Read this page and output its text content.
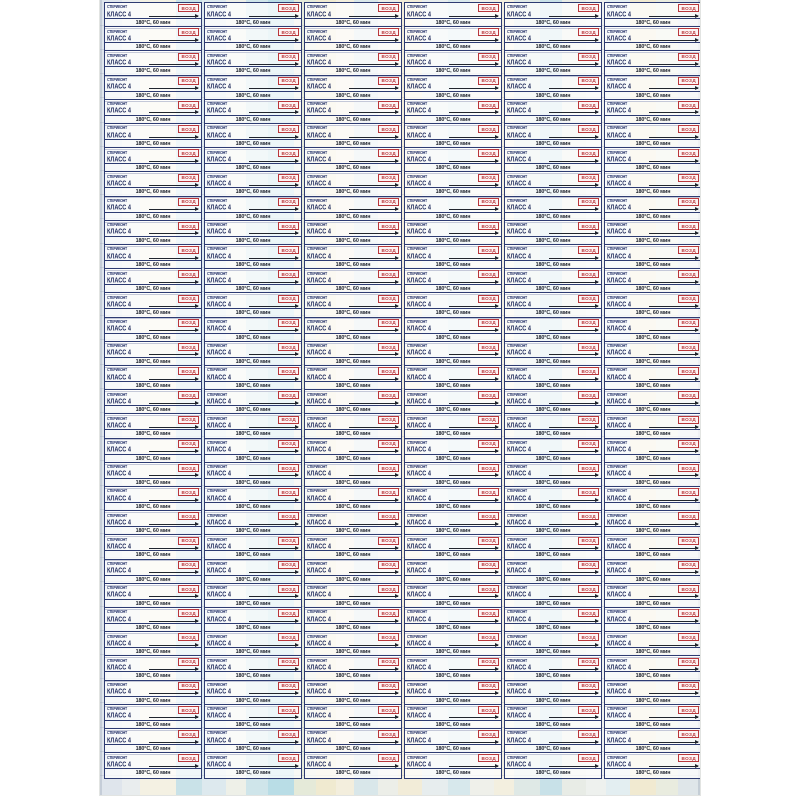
СТЕРИКОНТ	ВОЗД
КЛАСС 4
180°C, 60 мин
СТЕРИКОНТ	ВОЗД
КЛАСС 4
180°C, 60 мин
СТЕРИКОНТ	ВОЗД
КЛАСС 4
180°C, 60 мин
СТЕРИКОНТ	ВОЗД
КЛАСС 4
180°C, 60 мин
СТЕРИКОНТ	ВОЗД
КЛАСС 4
180°C, 60 мин
СТЕРИКОНТ	ВОЗД
КЛАСС 4
180°C, 60 мин
СТЕРИКОНТ	ВОЗД
КЛАСС 4
180°C, 60 мин
СТЕРИКОНТ	ВОЗД
КЛАСС 4
180°C, 60 мин
СТЕРИКОНТ	ВОЗД
КЛАСС 4
180°C, 60 мин
СТЕРИКОНТ	ВОЗД
КЛАСС 4
180°C, 60 мин
СТЕРИКОНТ	ВОЗД
КЛАСС 4
180°C, 60 мин
СТЕРИКОНТ	ВОЗД
КЛАСС 4
180°C, 60 мин
СТЕРИКОНТ	ВОЗД
КЛАСС 4
180°C, 60 мин
СТЕРИКОНТ	ВОЗД
КЛАСС 4
180°C, 60 мин
СТЕРИКОНТ	ВОЗД
КЛАСС 4
180°C, 60 мин
СТЕРИКОНТ	ВОЗД
КЛАСС 4
180°C, 60 мин
СТЕРИКОНТ	ВОЗД
КЛАСС 4
180°C, 60 мин
СТЕРИКОНТ	ВОЗД
КЛАСС 4
180°C, 60 мин
СТЕРИКОНТ	ВОЗД
КЛАСС 4
180°C, 60 мин
СТЕРИКОНТ	ВОЗД
КЛАСС 4
180°C, 60 мин
СТЕРИКОНТ	ВОЗД
КЛАСС 4
180°C, 60 мин
СТЕРИКОНТ	ВОЗД
КЛАСС 4
180°C, 60 мин
СТЕРИКОНТ	ВОЗД
КЛАСС 4
180°C, 60 мин
СТЕРИКОНТ	ВОЗД
КЛАСС 4
180°C, 60 мин
СТЕРИКОНТ	ВОЗД
КЛАСС 4
180°C, 60 мин
СТЕРИКОНТ	ВОЗД
КЛАСС 4
180°C, 60 мин
СТЕРИКОНТ	ВОЗД
КЛАСС 4
180°C, 60 мин
СТЕРИКОНТ	ВОЗД
КЛАСС 4
180°C, 60 мин
СТЕРИКОНТ	ВОЗД
КЛАСС 4
180°C, 60 мин
СТЕРИКОНТ	ВОЗД
КЛАСС 4
180°C, 60 мин
СТЕРИКОНТ	ВОЗД
КЛАСС 4
180°C, 60 мин
СТЕРИКОНТ	ВОЗД
КЛАСС 4
180°C, 60 мин
СТЕРИКОНТ	ВОЗД
КЛАСС 4
180°C, 60 мин
СТЕРИКОНТ	ВОЗД
КЛАСС 4
180°C, 60 мин
СТЕРИКОНТ	ВОЗД
КЛАСС 4
180°C, 60 мин
СТЕРИКОНТ	ВОЗД
КЛАСС 4
180°C, 60 мин
СТЕРИКОНТ	ВОЗД
КЛАСС 4
180°C, 60 мин
СТЕРИКОНТ	ВОЗД
КЛАСС 4
180°C, 60 мин
СТЕРИКОНТ	ВОЗД
КЛАСС 4
180°C, 60 мин
СТЕРИКОНТ	ВОЗД
КЛАСС 4
180°C, 60 мин
СТЕРИКОНТ	ВОЗД
КЛАСС 4
180°C, 60 мин
СТЕРИКОНТ	ВОЗД
КЛАСС 4
180°C, 60 мин
СТЕРИКОНТ	ВОЗД
КЛАСС 4
180°C, 60 мин
СТЕРИКОНТ	ВОЗД
КЛАСС 4
180°C, 60 мин
СТЕРИКОНТ	ВОЗД
КЛАСС 4
180°C, 60 мин
СТЕРИКОНТ	ВОЗД
КЛАСС 4
180°C, 60 мин
СТЕРИКОНТ	ВОЗД
КЛАСС 4
180°C, 60 мин
СТЕРИКОНТ	ВОЗД
КЛАСС 4
180°C, 60 мин
СТЕРИКОНТ	ВОЗД
КЛАСС 4
180°C, 60 мин
СТЕРИКОНТ	ВОЗД
КЛАСС 4
180°C, 60 мин
СТЕРИКОНТ	ВОЗД
КЛАСС 4
180°C, 60 мин
СТЕРИКОНТ	ВОЗД
КЛАСС 4
180°C, 60 мин
СТЕРИКОНТ	ВОЗД
КЛАСС 4
180°C, 60 мин
СТЕРИКОНТ	ВОЗД
КЛАСС 4
180°C, 60 мин
СТЕРИКОНТ	ВОЗД
КЛАСС 4
180°C, 60 мин
СТЕРИКОНТ	ВОЗД
КЛАСС 4
180°C, 60 мин
СТЕРИКОНТ	ВОЗД
КЛАСС 4
180°C, 60 мин
СТЕРИКОНТ	ВОЗД
КЛАСС 4
180°C, 60 мин
СТЕРИКОНТ	ВОЗД
КЛАСС 4
180°C, 60 мин
СТЕРИКОНТ	ВОЗД
КЛАСС 4
180°C, 60 мин
СТЕРИКОНТ	ВОЗД
КЛАСС 4
180°C, 60 мин
СТЕРИКОНТ	ВОЗД
КЛАСС 4
180°C, 60 мин
СТЕРИКОНТ	ВОЗД
КЛАСС 4
180°C, 60 мин
СТЕРИКОНТ	ВОЗД
КЛАСС 4
180°C, 60 мин
СТЕРИКОНТ	ВОЗД
КЛАСС 4
180°C, 60 мин
СТЕРИКОНТ	ВОЗД
КЛАСС 4
180°C, 60 мин
СТЕРИКОНТ	ВОЗД
КЛАСС 4
180°C, 60 мин
СТЕРИКОНТ	ВОЗД
КЛАСС 4
180°C, 60 мин
СТЕРИКОНТ	ВОЗД
КЛАСС 4
180°C, 60 мин
СТЕРИКОНТ	ВОЗД
КЛАСС 4
180°C, 60 мин
СТЕРИКОНТ	ВОЗД
КЛАСС 4
180°C, 60 мин
СТЕРИКОНТ	ВОЗД
КЛАСС 4
180°C, 60 мин
СТЕРИКОНТ	ВОЗД
КЛАСС 4
180°C, 60 мин
СТЕРИКОНТ	ВОЗД
КЛАСС 4
180°C, 60 мин
СТЕРИКОНТ	ВОЗД
КЛАСС 4
180°C, 60 мин
СТЕРИКОНТ	ВОЗД
КЛАСС 4
180°C, 60 мин
СТЕРИКОНТ	ВОЗД
КЛАСС 4
180°C, 60 мин
СТЕРИКОНТ	ВОЗД
КЛАСС 4
180°C, 60 мин
СТЕРИКОНТ	ВОЗД
КЛАСС 4
180°C, 60 мин
СТЕРИКОНТ	ВОЗД
КЛАСС 4
180°C, 60 мин
СТЕРИКОНТ	ВОЗД
КЛАСС 4
180°C, 60 мин
СТЕРИКОНТ	ВОЗД
КЛАСС 4
180°C, 60 мин
СТЕРИКОНТ	ВОЗД
КЛАСС 4
180°C, 60 мин
СТЕРИКОНТ	ВОЗД
КЛАСС 4
180°C, 60 мин
СТЕРИКОНТ	ВОЗД
КЛАСС 4
180°C, 60 мин
СТЕРИКОНТ	ВОЗД
КЛАСС 4
180°C, 60 мин
СТЕРИКОНТ	ВОЗД
КЛАСС 4
180°C, 60 мин
СТЕРИКОНТ	ВОЗД
КЛАСС 4
180°C, 60 мин
СТЕРИКОНТ	ВОЗД
КЛАСС 4
180°C, 60 мин
СТЕРИКОНТ	ВОЗД
КЛАСС 4
180°C, 60 мин
СТЕРИКОНТ	ВОЗД
КЛАСС 4
180°C, 60 мин
СТЕРИКОНТ	ВОЗД
КЛАСС 4
180°C, 60 мин
СТЕРИКОНТ	ВОЗД
КЛАСС 4
180°C, 60 мин
СТЕРИКОНТ	ВОЗД
КЛАСС 4
180°C, 60 мин
СТЕРИКОНТ	ВОЗД
КЛАСС 4
180°C, 60 мин
СТЕРИКОНТ	ВОЗД
КЛАСС 4
180°C, 60 мин
СТЕРИКОНТ	ВОЗД
КЛАСС 4
180°C, 60 мин
СТЕРИКОНТ	ВОЗД
КЛАСС 4
180°C, 60 мин
СТЕРИКОНТ	ВОЗД
КЛАСС 4
180°C, 60 мин
СТЕРИКОНТ	ВОЗД
КЛАСС 4
180°C, 60 мин
СТЕРИКОНТ	ВОЗД
КЛАСС 4
180°C, 60 мин
СТЕРИКОНТ	ВОЗД
КЛАСС 4
180°C, 60 мин
СТЕРИКОНТ	ВОЗД
КЛАСС 4
180°C, 60 мин
СТЕРИКОНТ	ВОЗД
КЛАСС 4
180°C, 60 мин
СТЕРИКОНТ	ВОЗД
КЛАСС 4
180°C, 60 мин
СТЕРИКОНТ	ВОЗД
КЛАСС 4
180°C, 60 мин
СТЕРИКОНТ	ВОЗД
КЛАСС 4
180°C, 60 мин
СТЕРИКОНТ	ВОЗД
КЛАСС 4
180°C, 60 мин
СТЕРИКОНТ	ВОЗД
КЛАСС 4
180°C, 60 мин
СТЕРИКОНТ	ВОЗД
КЛАСС 4
180°C, 60 мин
СТЕРИКОНТ	ВОЗД
КЛАСС 4
180°C, 60 мин
СТЕРИКОНТ	ВОЗД
КЛАСС 4
180°C, 60 мин
СТЕРИКОНТ	ВОЗД
КЛАСС 4
180°C, 60 мин
СТЕРИКОНТ	ВОЗД
КЛАСС 4
180°C, 60 мин
СТЕРИКОНТ	ВОЗД
КЛАСС 4
180°C, 60 мин
СТЕРИКОНТ	ВОЗД
КЛАСС 4
180°C, 60 мин
СТЕРИКОНТ	ВОЗД
КЛАСС 4
180°C, 60 мин
СТЕРИКОНТ	ВОЗД
КЛАСС 4
180°C, 60 мин
СТЕРИКОНТ	ВОЗД
КЛАСС 4
180°C, 60 мин
СТЕРИКОНТ	ВОЗД
КЛАСС 4
180°C, 60 мин
СТЕРИКОНТ	ВОЗД
КЛАСС 4
180°C, 60 мин
СТЕРИКОНТ	ВОЗД
КЛАСС 4
180°C, 60 мин
СТЕРИКОНТ	ВОЗД
КЛАСС 4
180°C, 60 мин
СТЕРИКОНТ	ВОЗД
КЛАСС 4
180°C, 60 мин
СТЕРИКОНТ	ВОЗД
КЛАСС 4
180°C, 60 мин
СТЕРИКОНТ	ВОЗД
КЛАСС 4
180°C, 60 мин
СТЕРИКОНТ	ВОЗД
КЛАСС 4
180°C, 60 мин
СТЕРИКОНТ	ВОЗД
КЛАСС 4
180°C, 60 мин
СТЕРИКОНТ	ВОЗД
КЛАСС 4
180°C, 60 мин
СТЕРИКОНТ	ВОЗД
КЛАСС 4
180°C, 60 мин
СТЕРИКОНТ	ВОЗД
КЛАСС 4
180°C, 60 мин
СТЕРИКОНТ	ВОЗД
КЛАСС 4
180°C, 60 мин
СТЕРИКОНТ	ВОЗД
КЛАСС 4
180°C, 60 мин
СТЕРИКОНТ	ВОЗД
КЛАСС 4
180°C, 60 мин
СТЕРИКОНТ	ВОЗД
КЛАСС 4
180°C, 60 мин
СТЕРИКОНТ	ВОЗД
КЛАСС 4
180°C, 60 мин
СТЕРИКОНТ	ВОЗД
КЛАСС 4
180°C, 60 мин
СТЕРИКОНТ	ВОЗД
КЛАСС 4
180°C, 60 мин
СТЕРИКОНТ	ВОЗД
КЛАСС 4
180°C, 60 мин
СТЕРИКОНТ	ВОЗД
КЛАСС 4
180°C, 60 мин
СТЕРИКОНТ	ВОЗД
КЛАСС 4
180°C, 60 мин
СТЕРИКОНТ	ВОЗД
КЛАСС 4
180°C, 60 мин
СТЕРИКОНТ	ВОЗД
КЛАСС 4
180°C, 60 мин
СТЕРИКОНТ	ВОЗД
КЛАСС 4
180°C, 60 мин
СТЕРИКОНТ	ВОЗД
КЛАСС 4
180°C, 60 мин
СТЕРИКОНТ	ВОЗД
КЛАСС 4
180°C, 60 мин
СТЕРИКОНТ	ВОЗД
КЛАСС 4
180°C, 60 мин
СТЕРИКОНТ	ВОЗД
КЛАСС 4
180°C, 60 мин
СТЕРИКОНТ	ВОЗД
КЛАСС 4
180°C, 60 мин
СТЕРИКОНТ	ВОЗД
КЛАСС 4
180°C, 60 мин
СТЕРИКОНТ	ВОЗД
КЛАСС 4
180°C, 60 мин
СТЕРИКОНТ	ВОЗД
КЛАСС 4
180°C, 60 мин
СТЕРИКОНТ	ВОЗД
КЛАСС 4
180°C, 60 мин
СТЕРИКОНТ	ВОЗД
КЛАСС 4
180°C, 60 мин
СТЕРИКОНТ	ВОЗД
КЛАСС 4
180°C, 60 мин
СТЕРИКОНТ	ВОЗД
КЛАСС 4
180°C, 60 мин
СТЕРИКОНТ	ВОЗД
КЛАСС 4
180°C, 60 мин
СТЕРИКОНТ	ВОЗД
КЛАСС 4
180°C, 60 мин
СТЕРИКОНТ	ВОЗД
КЛАСС 4
180°C, 60 мин
СТЕРИКОНТ	ВОЗД
КЛАСС 4
180°C, 60 мин
СТЕРИКОНТ	ВОЗД
КЛАСС 4
180°C, 60 мин
СТЕРИКОНТ	ВОЗД
КЛАСС 4
180°C, 60 мин
СТЕРИКОНТ	ВОЗД
КЛАСС 4
180°C, 60 мин
СТЕРИКОНТ	ВОЗД
КЛАСС 4
180°C, 60 мин
СТЕРИКОНТ	ВОЗД
КЛАСС 4
180°C, 60 мин
СТЕРИКОНТ	ВОЗД
КЛАСС 4
180°C, 60 мин
СТЕРИКОНТ	ВОЗД
КЛАСС 4
180°C, 60 мин
СТЕРИКОНТ	ВОЗД
КЛАСС 4
180°C, 60 мин
СТЕРИКОНТ	ВОЗД
КЛАСС 4
180°C, 60 мин
СТЕРИКОНТ	ВОЗД
КЛАСС 4
180°C, 60 мин
СТЕРИКОНТ	ВОЗД
КЛАСС 4
180°C, 60 мин
СТЕРИКОНТ	ВОЗД
КЛАСС 4
180°C, 60 мин
СТЕРИКОНТ	ВОЗД
КЛАСС 4
180°C, 60 мин
СТЕРИКОНТ	ВОЗД
КЛАСС 4
180°C, 60 мин
СТЕРИКОНТ	ВОЗД
КЛАСС 4
180°C, 60 мин
СТЕРИКОНТ	ВОЗД
КЛАСС 4
180°C, 60 мин
СТЕРИКОНТ	ВОЗД
КЛАСС 4
180°C, 60 мин
СТЕРИКОНТ	ВОЗД
КЛАСС 4
180°C, 60 мин
СТЕРИКОНТ	ВОЗД
КЛАСС 4
180°C, 60 мин
СТЕРИКОНТ	ВОЗД
КЛАСС 4
180°C, 60 мин
СТЕРИКОНТ	ВОЗД
КЛАСС 4
180°C, 60 мин
СТЕРИКОНТ	ВОЗД
КЛАСС 4
180°C, 60 мин
СТЕРИКОНТ	ВОЗД
КЛАСС 4
180°C, 60 мин
СТЕРИКОНТ	ВОЗД
КЛАСС 4
180°C, 60 мин
СТЕРИКОНТ	ВОЗД
КЛАСС 4
180°C, 60 мин
СТЕРИКОНТ	ВОЗД
КЛАСС 4
180°C, 60 мин
СТЕРИКОНТ	ВОЗД
КЛАСС 4
180°C, 60 мин
СТЕРИКОНТ	ВОЗД
КЛАСС 4
180°C, 60 мин
СТЕРИКОНТ	ВОЗД
КЛАСС 4
180°C, 60 мин
СТЕРИКОНТ	ВОЗД
КЛАСС 4
180°C, 60 мин
СТЕРИКОНТ	ВОЗД
КЛАСС 4
180°C, 60 мин
СТЕРИКОНТ	ВОЗД
КЛАСС 4
180°C, 60 мин
